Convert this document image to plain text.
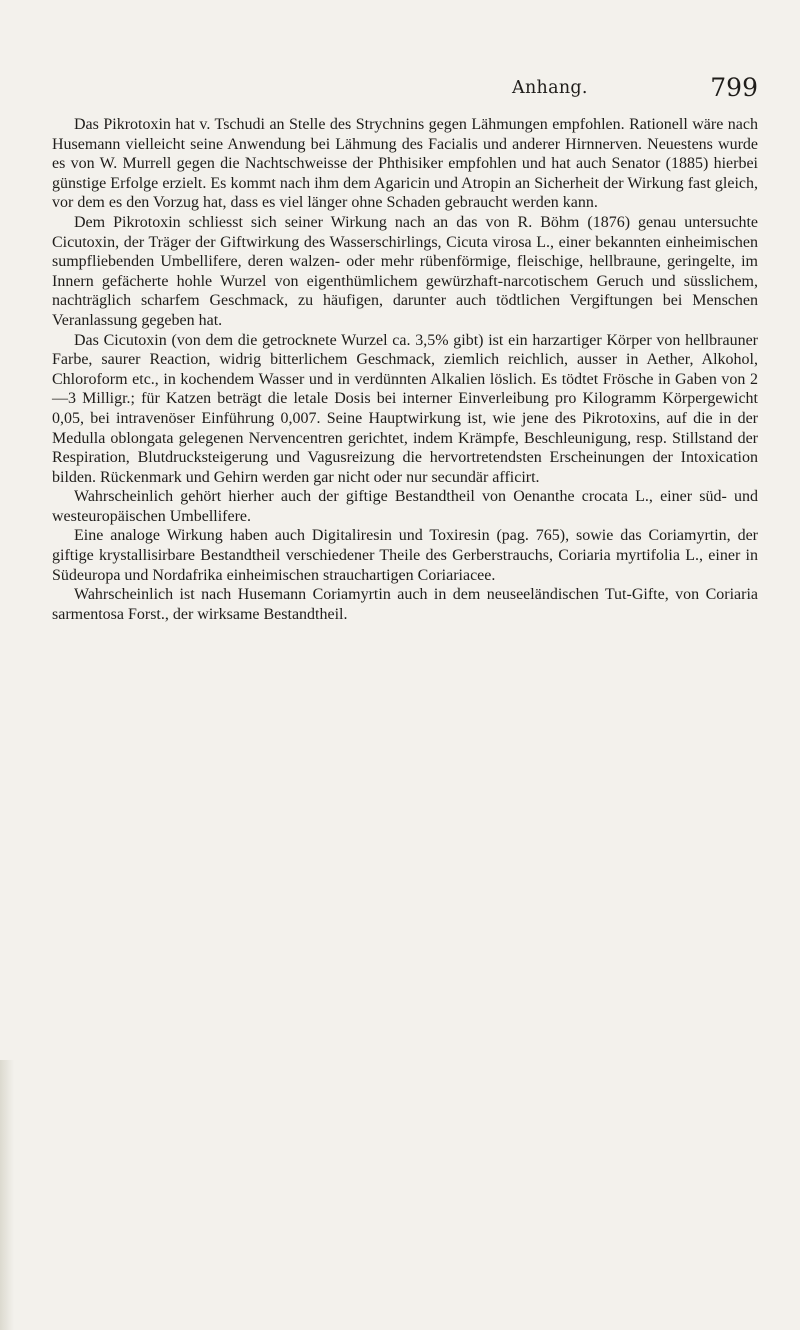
Anhang.	799

Das Pikrotoxin hat v. Tschudi an Stelle des Strychnins gegen Lähmungen empfohlen. Rationell wäre nach Husemann vielleicht seine Anwendung bei Lähmung des Facialis und anderer Hirnnerven. Neuestens wurde es von W. Murrell gegen die Nachtschweisse der Phthisiker empfohlen und hat auch Senator (1885) hierbei günstige Erfolge erzielt. Es kommt nach ihm dem Agaricin und Atropin an Sicherheit der Wirkung fast gleich, vor dem es den Vorzug hat, dass es viel länger ohne Schaden gebraucht werden kann.

Dem Pikrotoxin schliesst sich seiner Wirkung nach an das von R. Böhm (1876) genau untersuchte Cicutoxin, der Träger der Giftwirkung des Wasserschirlings, Cicuta virosa L., einer bekannten einheimischen sumpfliebenden Umbellifere, deren walzen- oder mehr rübenförmige, fleischige, hellbraune, geringelte, im Innern gefächerte hohle Wurzel von eigenthümlichem gewürzhaft-narcotischem Geruch und süsslichem, nachträglich scharfem Geschmack, zu häufigen, darunter auch tödtlichen Vergiftungen bei Menschen Veranlassung gegeben hat.

Das Cicutoxin (von dem die getrocknete Wurzel ca. 3,5% gibt) ist ein harzartiger Körper von hellbrauner Farbe, saurer Reaction, widrig bitterlichem Geschmack, ziemlich reichlich, ausser in Aether, Alkohol, Chloroform etc., in kochendem Wasser und in verdünnten Alkalien löslich. Es tödtet Frösche in Gaben von 2—3 Milligr.; für Katzen beträgt die letale Dosis bei interner Einverleibung pro Kilogramm Körpergewicht 0,05, bei intravenöser Einführung 0,007. Seine Hauptwirkung ist, wie jene des Pikrotoxins, auf die in der Medulla oblongata gelegenen Nervencentren gerichtet, indem Krämpfe, Beschleunigung, resp. Stillstand der Respiration, Blutdrucksteigerung und Vagusreizung die hervortretendsten Erscheinungen der Intoxication bilden. Rückenmark und Gehirn werden gar nicht oder nur secundär afficirt.

Wahrscheinlich gehört hierher auch der giftige Bestandtheil von Oenanthe crocata L., einer süd- und westeuropäischen Umbellifere.

Eine analoge Wirkung haben auch Digitaliresin und Toxiresin (pag. 765), sowie das Coriamyrtin, der giftige krystallisirbare Bestandtheil verschiedener Theile des Gerberstrauchs, Coriaria myrtifolia L., einer in Südeuropa und Nordafrika einheimischen strauchartigen Coriariacee.

Wahrscheinlich ist nach Husemann Coriamyrtin auch in dem neuseeländischen Tut-Gifte, von Coriaria sarmentosa Forst., der wirksame Bestandtheil.
